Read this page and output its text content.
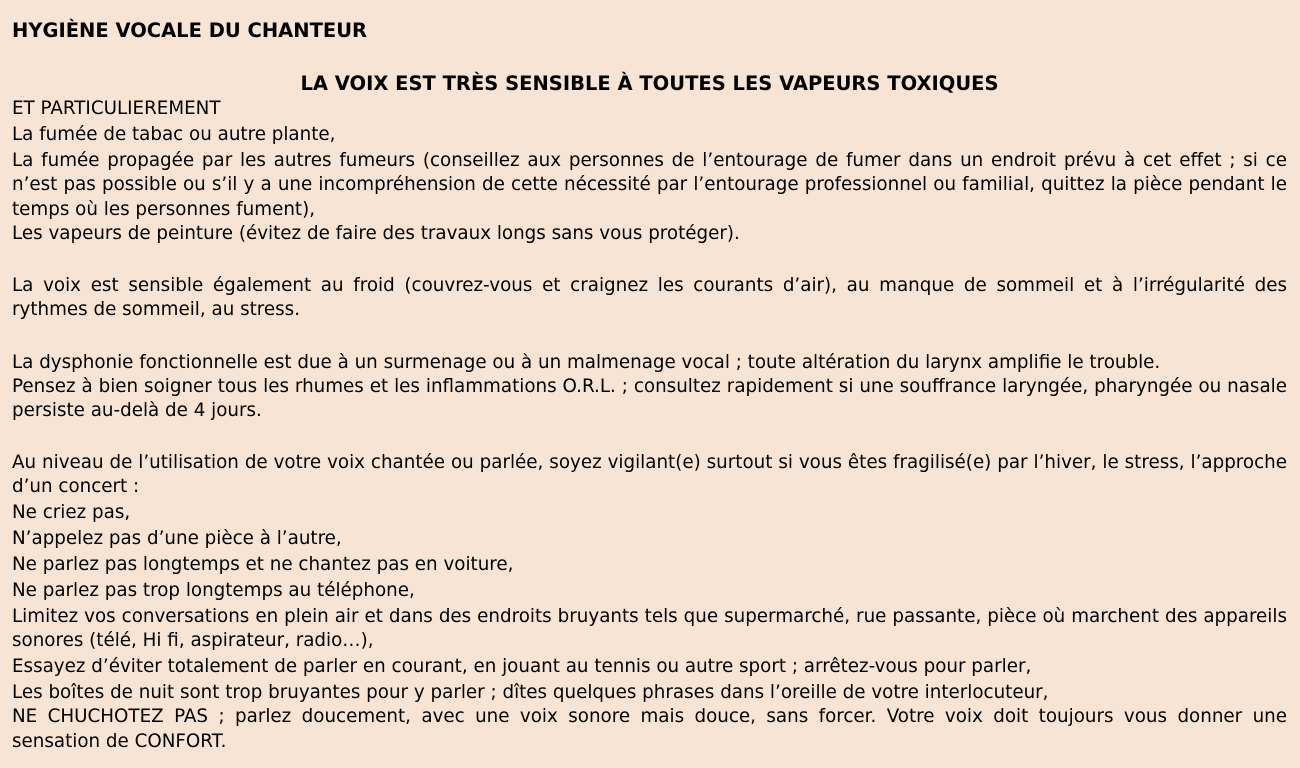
HYGIÈNE VOCALE DU CHANTEUR
LA VOIX EST TRÈS SENSIBLE À TOUTES LES VAPEURS TOXIQUES

ET PARTICULIEREMENT

La fumée de tabac ou autre plante,

La fumée propagée par les autres fumeurs (conseillez aux personnes de l’entourage de fumer dans un endroit prévu à cet effet ; si ce n’est pas possible ou s’il y a une incompréhension de cette nécessité par l’entourage professionnel ou familial, quittez la pièce pendant le temps où les personnes fument),

Les vapeurs de peinture (évitez de faire des travaux longs sans vous protéger).

La voix est sensible également au froid (couvrez-vous et craignez les courants d’air), au manque de sommeil et à l’irrégularité des rythmes de sommeil, au stress.

La dysphonie fonctionnelle est due à un surmenage ou à un malmenage vocal ; toute altération du larynx amplifie le trouble.

Pensez à bien soigner tous les rhumes et les inflammations O.R.L. ; consultez rapidement si une souffrance laryngée, pharyngée ou nasale persiste au-delà de 4 jours.

Au niveau de l’utilisation de votre voix chantée ou parlée, soyez vigilant(e) surtout si vous êtes fragilisé(e) par l’hiver, le stress, l’approche d’un concert :

Ne criez pas,

N’appelez pas d’une pièce à l’autre,

Ne parlez pas longtemps et ne chantez pas en voiture,

Ne parlez pas trop longtemps au téléphone,

Limitez vos conversations en plein air et dans des endroits bruyants tels que supermarché, rue passante, pièce où marchent des appareils sonores (télé, Hi fi, aspirateur, radio…),

Essayez d’éviter totalement de parler en courant, en jouant au tennis ou autre sport ; arrêtez-vous pour parler,

Les boîtes de nuit sont trop bruyantes pour y parler ; dîtes quelques phrases dans l’oreille de votre interlocuteur,

NE CHUCHOTEZ PAS ; parlez doucement, avec une voix sonore mais douce, sans forcer. Votre voix doit toujours vous donner une sensation de CONFORT.
